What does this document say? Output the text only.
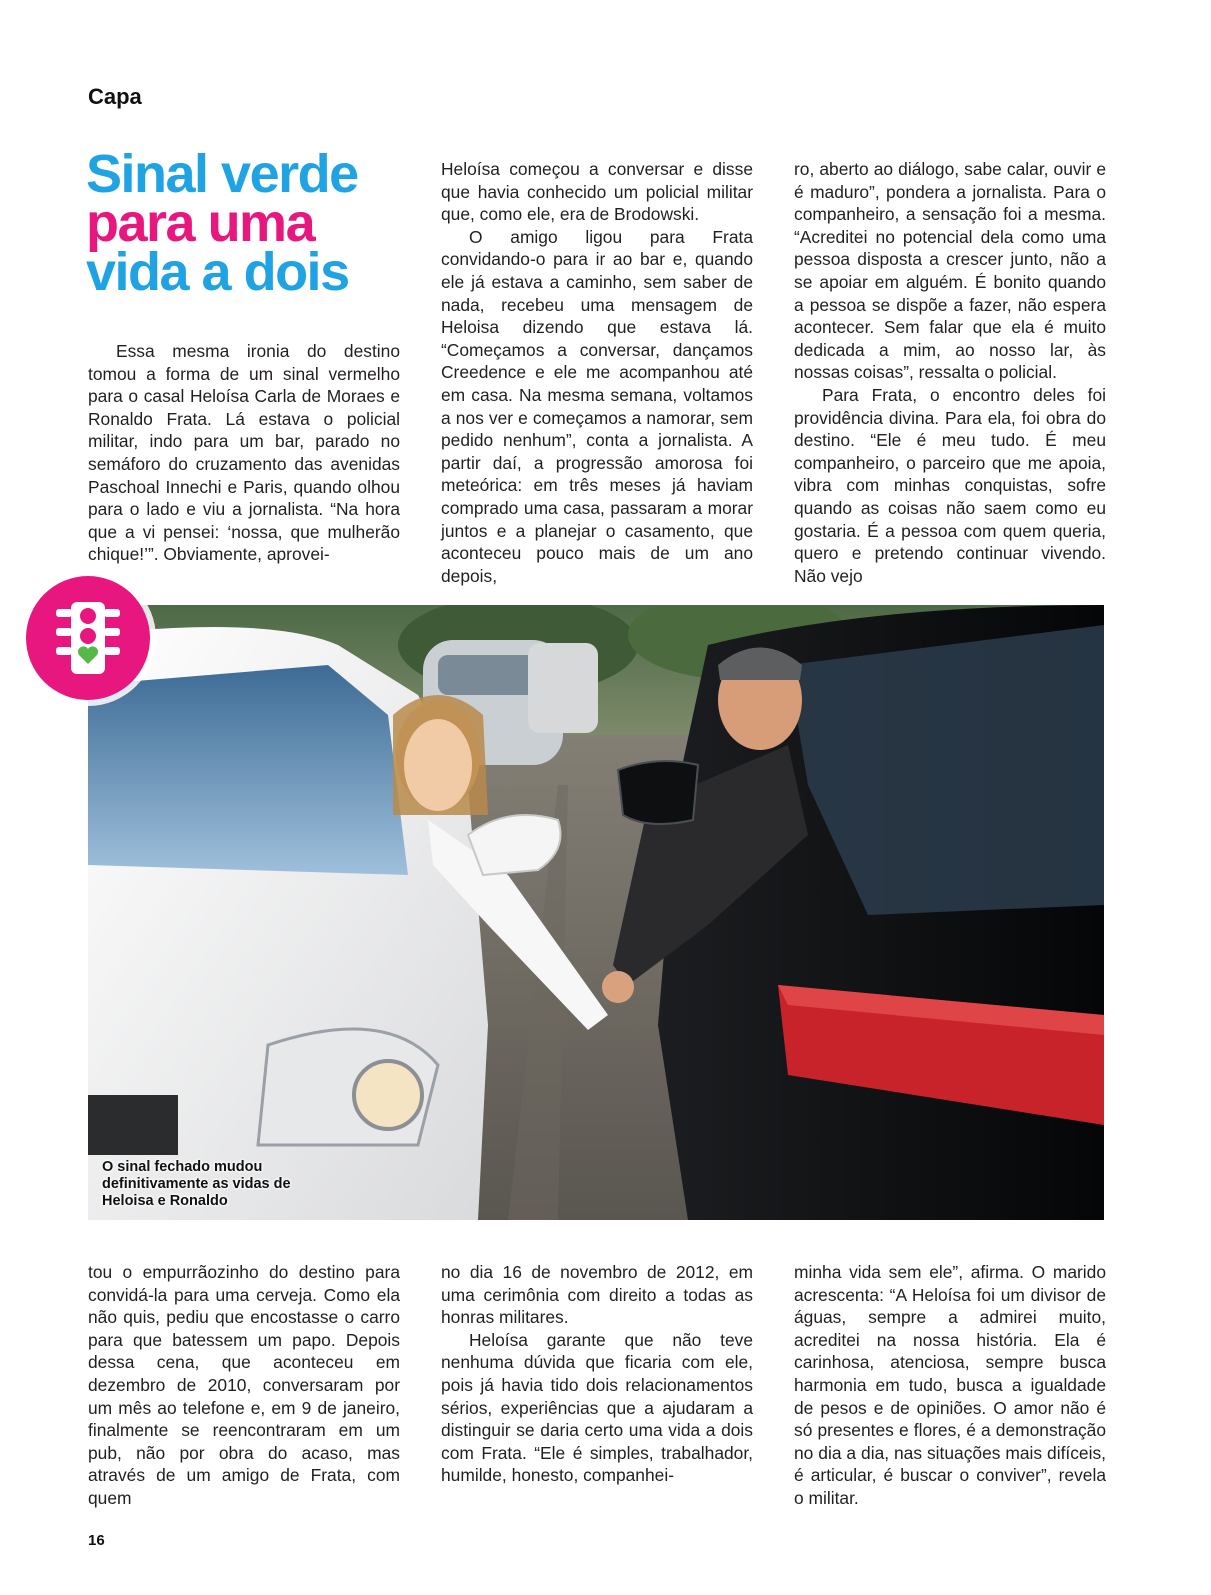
Capa
Sinal verde
para uma
vida a dois

Essa mesma ironia do destino tomou a forma de um sinal vermelho para o casal Heloísa Carla de Moraes e Ronaldo Frata. Lá estava o policial militar, indo para um bar, parado no semáforo do cruzamento das avenidas Paschoal Innechi e Paris, quando olhou para o lado e viu a jornalista. “Na hora que a vi pensei: ‘nossa, que mulherão chique!’”. Obviamente, aprovei-

Heloísa começou a conversar e disse que havia conhecido um policial militar que, como ele, era de Brodowski.

O amigo ligou para Frata convidando-o para ir ao bar e, quando ele já estava a caminho, sem saber de nada, recebeu uma mensagem de Heloisa dizendo que estava lá. “Começamos a conversar, dançamos Creedence e ele me acompanhou até em casa. Na mesma semana, voltamos a nos ver e começamos a namorar, sem pedido nenhum”, conta a jornalista. A partir daí, a progressão amorosa foi meteórica: em três meses já haviam comprado uma casa, passaram a morar juntos e a planejar o casamento, que aconteceu pouco mais de um ano depois,

ro, aberto ao diálogo, sabe calar, ouvir e é maduro”, pondera a jornalista. Para o companheiro, a sensação foi a mesma. “Acreditei no potencial dela como uma pessoa disposta a crescer junto, não a se apoiar em alguém. É bonito quando a pessoa se dispõe a fazer, não espera acontecer. Sem falar que ela é muito dedicada a mim, ao nosso lar, às nossas coisas”, ressalta o policial.

Para Frata, o encontro deles foi providência divina. Para ela, foi obra do destino. “Ele é meu tudo. É meu companheiro, o parceiro que me apoia, vibra com minhas conquistas, sofre quando as coisas não saem como eu gostaria. É a pessoa com quem queria, quero e pretendo continuar vivendo. Não vejo

O sinal fechado mudou definitivamente as vidas de Heloisa e Ronaldo

tou o empurrãozinho do destino para convidá-la para uma cerveja. Como ela não quis, pediu que encostasse o carro para que batessem um papo. Depois dessa cena, que aconteceu em dezembro de 2010, conversaram por um mês ao telefone e, em 9 de janeiro, finalmente se reencontraram em um pub, não por obra do acaso, mas através de um amigo de Frata, com quem

no dia 16 de novembro de 2012, em uma cerimônia com direito a todas as honras militares.

Heloísa garante que não teve nenhuma dúvida que ficaria com ele, pois já havia tido dois relacionamentos sérios, experiências que a ajudaram a distinguir se daria certo uma vida a dois com Frata. “Ele é simples, trabalhador, humilde, honesto, companhei-

minha vida sem ele”, afirma. O marido acrescenta: “A Heloísa foi um divisor de águas, sempre a admirei muito, acreditei na nossa história. Ela é carinhosa, atenciosa, sempre busca harmonia em tudo, busca a igualdade de pesos e de opiniões. O amor não é só presentes e flores, é a demonstração no dia a dia, nas situações mais difíceis, é articular, é buscar o conviver”, revela o militar.

16
